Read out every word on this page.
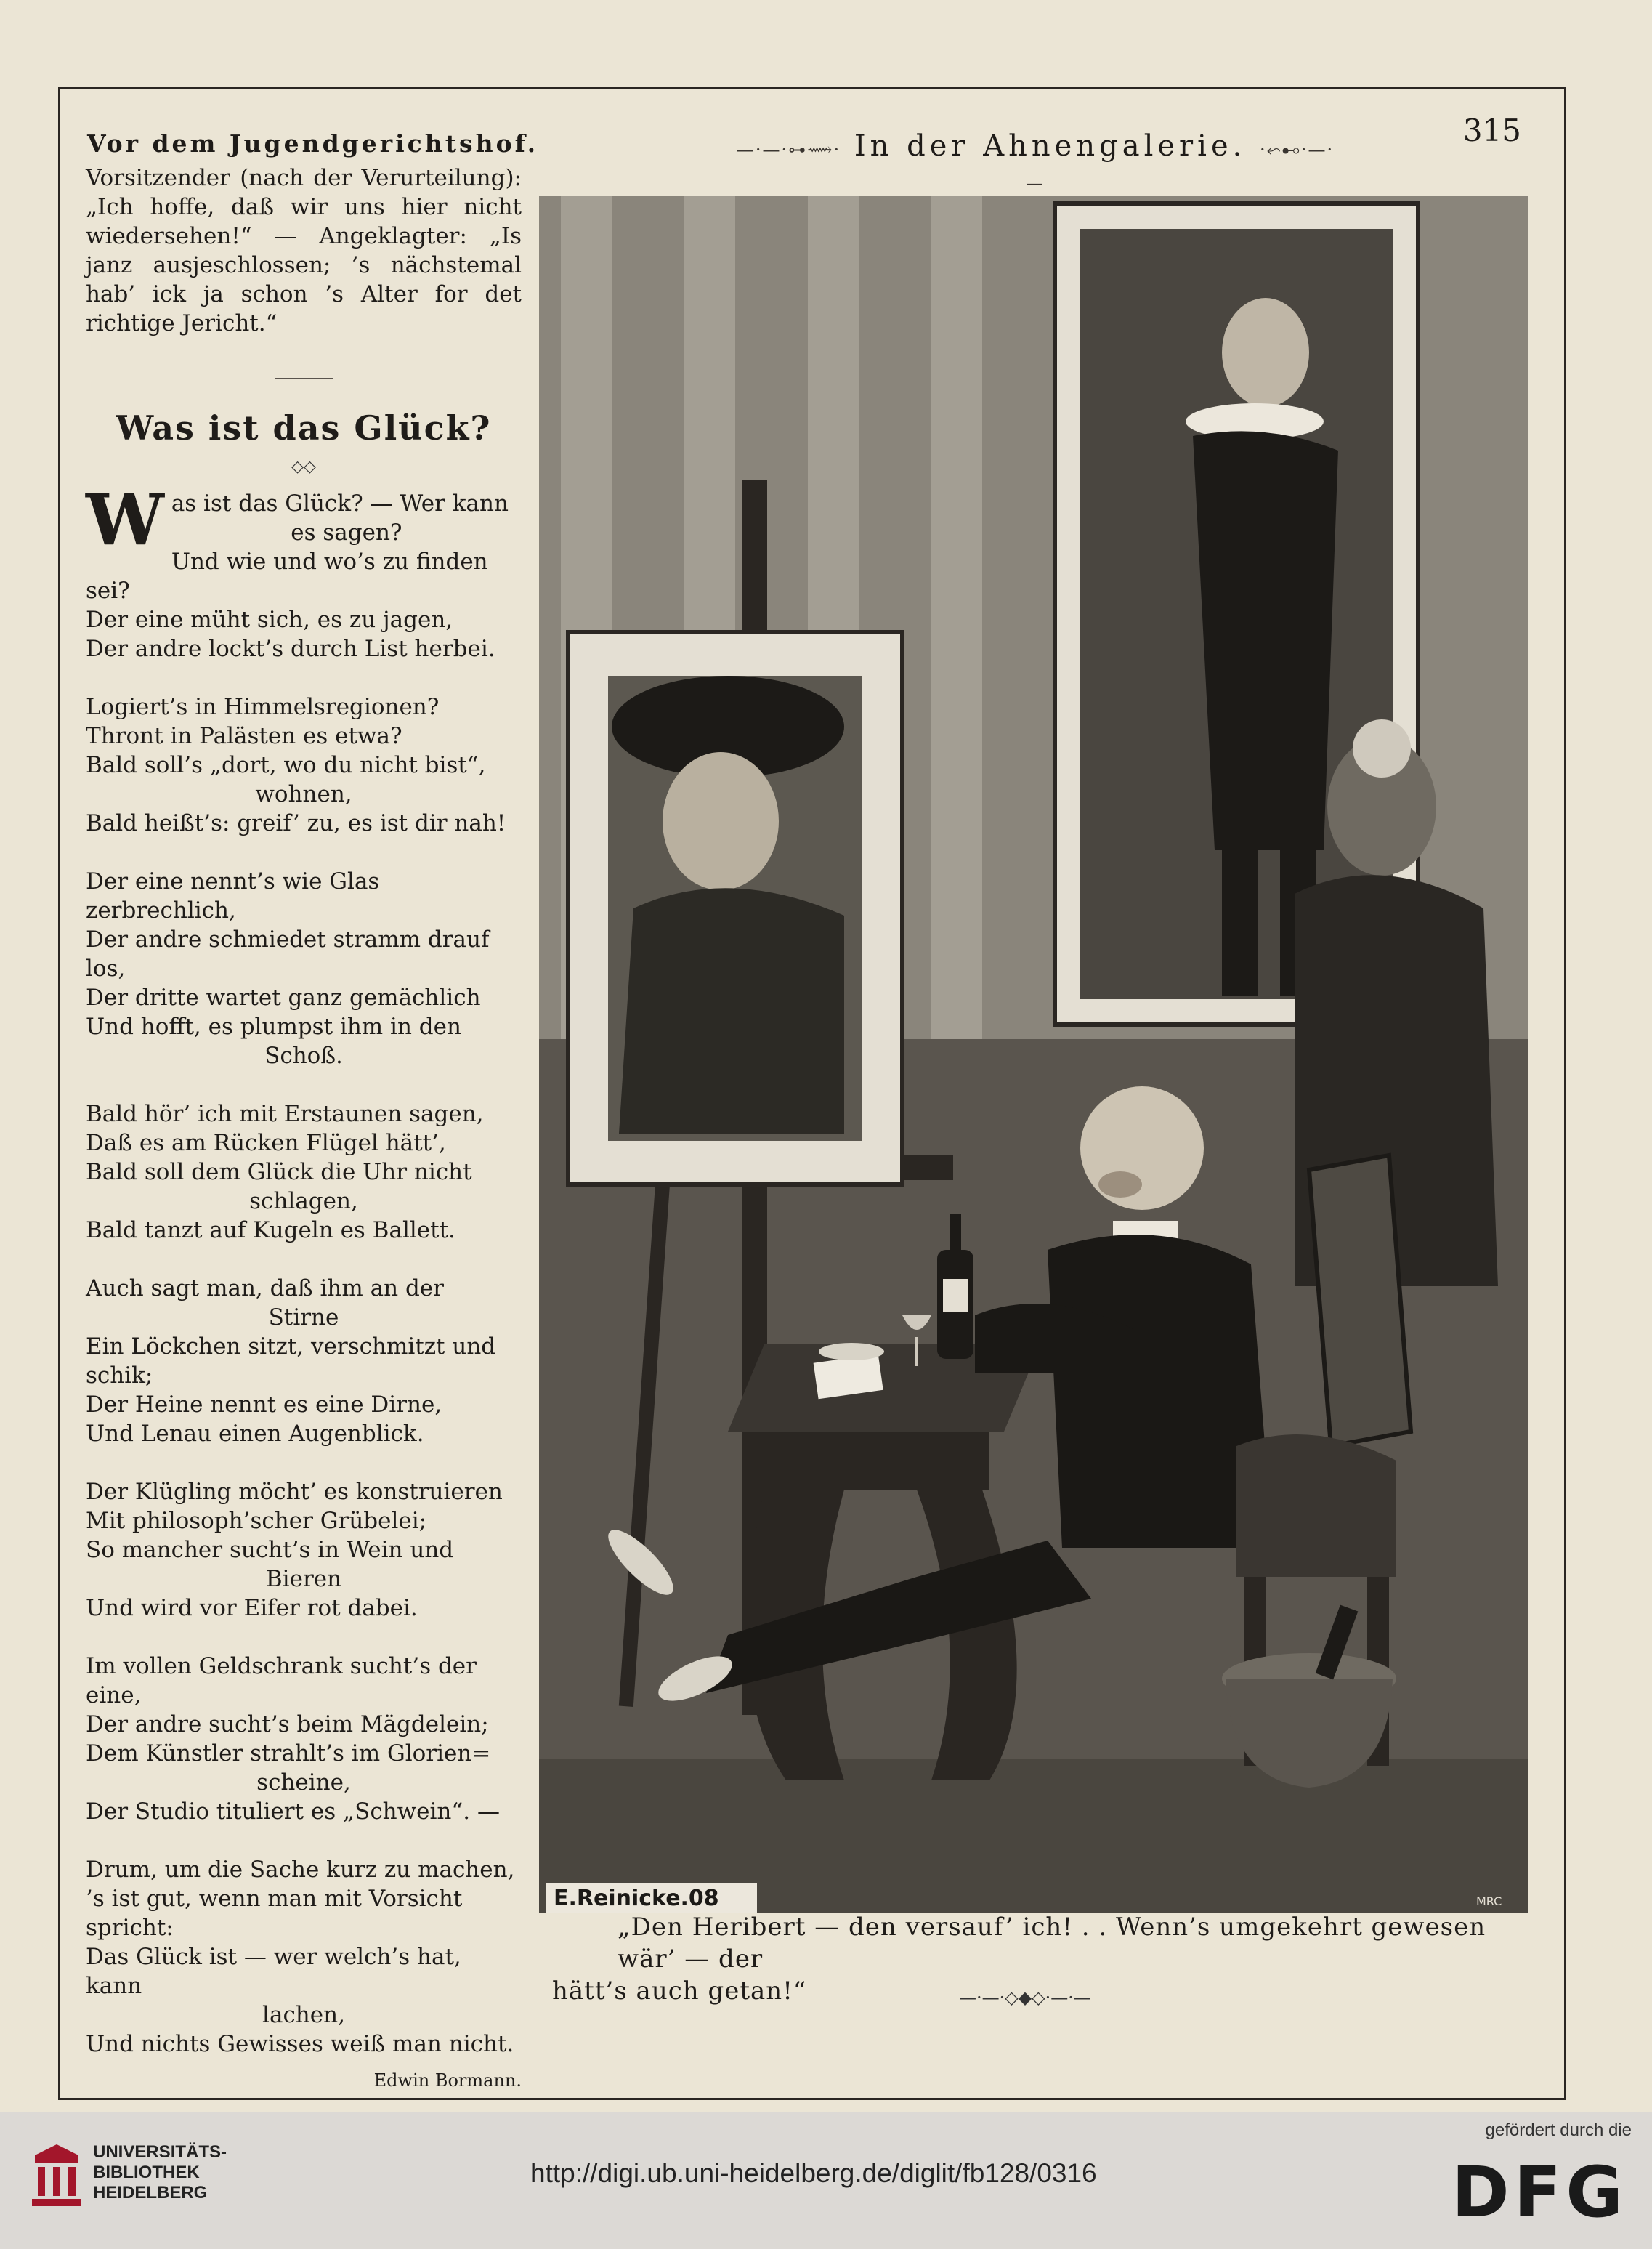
Vor dem Jugendgerichtshof.	—·—·⊶⟿· In der Ahnengalerie. ·⬿⊷·—·—
315
Vorsitzender (nach der Verurteilung): „Ich hoffe, daß wir uns hier nicht wiedersehen!“ — Angeklagter: „Is janz ausjeschlossen; ’s nächstemal hab’ ick ja schon ’s Alter for det richtige Jericht.“
Was ist das Glück?
◇◇
W as ist das Glück? — Wer kann
es sagen?
Und wie und wo’s zu finden sei?
Der eine müht sich, es zu jagen,
Der andre lockt’s durch List herbei.
Logiert’s in Himmelsregionen?
Thront in Palästen es etwa?
Bald soll’s „dort, wo du nicht bist“,
wohnen,
Bald heißt’s: greif’ zu, es ist dir nah!
Der eine nennt’s wie Glas zerbrechlich,
Der andre schmiedet stramm drauf los,
Der dritte wartet ganz gemächlich
Und hofft, es plumpst ihm in den
Schoß.
Bald hör’ ich mit Erstaunen sagen,
Daß es am Rücken Flügel hätt’,
Bald soll dem Glück die Uhr nicht
schlagen,
Bald tanzt auf Kugeln es Ballett.
Auch sagt man, daß ihm an der
Stirne
Ein Löckchen sitzt, verschmitzt und schik;
Der Heine nennt es eine Dirne,
Und Lenau einen Augenblick.
Der Klügling möcht’ es konstruieren
Mit philosoph’scher Grübelei;
So mancher sucht’s in Wein und
Bieren
Und wird vor Eifer rot dabei.
Im vollen Geldschrank sucht’s der eine,
Der andre sucht’s beim Mägdelein;
Dem Künstler strahlt’s im Glorien=
scheine,
Der Studio tituliert es „Schwein“. —
Drum, um die Sache kurz zu machen,
’s ist gut, wenn man mit Vorsicht spricht:
Das Glück ist — wer welch’s hat, kann
lachen,
Und nichts Gewisses weiß man nicht.
Edwin Bormann.
E.Reinicke.08	MRC
„Den Heribert — den versauf’ ich! . . Wenn’s umgekehrt gewesen wär’ — der
hätt’s auch getan!“	—·—·◇◆◇·—·—
UNIVERSITÄTS-
BIBLIOTHEK
HEIDELBERG
http://digi.ub.uni-heidelberg.de/diglit/fb128/0316
gefördert durch die
DFG
